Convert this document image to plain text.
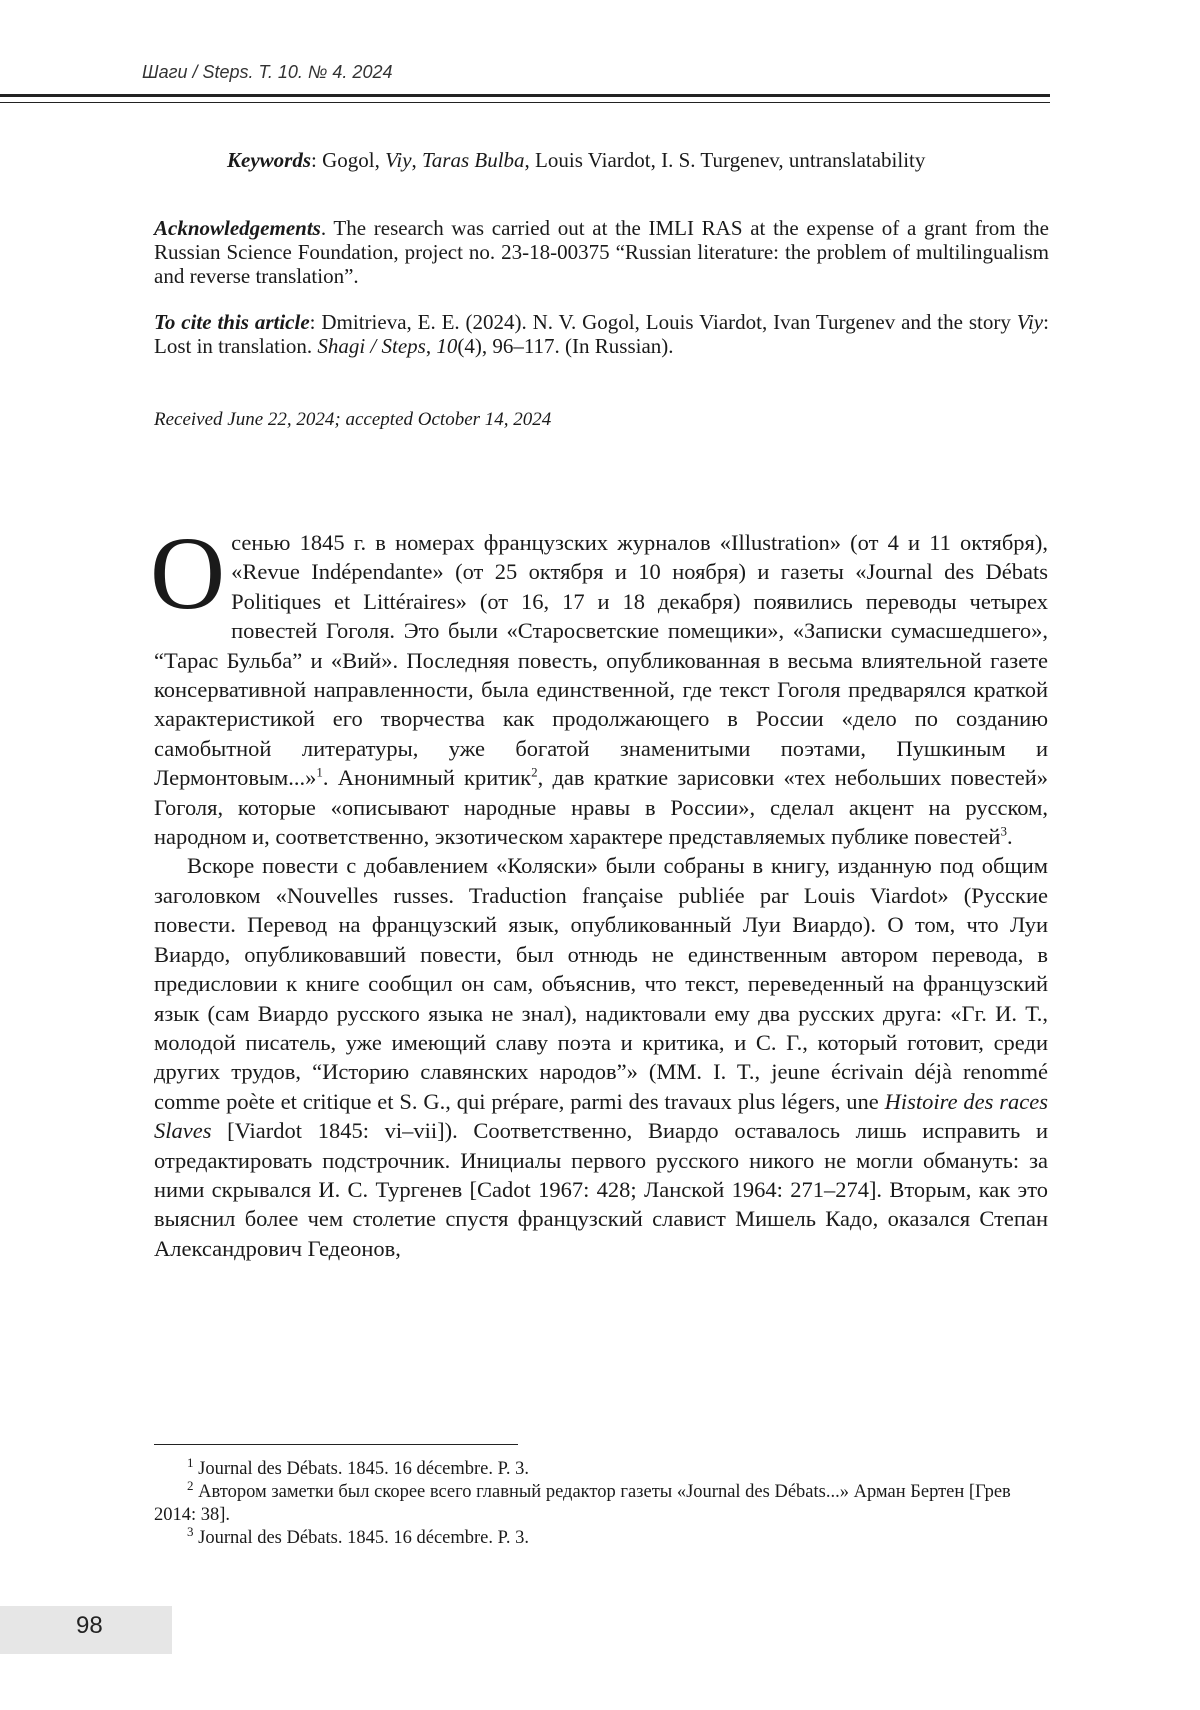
Шаги / Steps. Т. 10. № 4. 2024
Keywords: Gogol, Viy, Taras Bulba, Louis Viardot, I. S. Turgenev, untranslatability
Acknowledgements. The research was carried out at the IMLI RAS at the expense of a grant from the Russian Science Foundation, project no. 23-18-00375 “Russian literature: the problem of multilingualism and reverse translation”.
To cite this article: Dmitrieva, E. E. (2024). N. V. Gogol, Louis Viardot, Ivan Turgenev and the story Viy: Lost in translation. Shagi / Steps, 10(4), 96–117. (In Russian).
Received June 22, 2024; accepted October 14, 2024

О сенью 1845 г. в номерах французских журналов «Illustration» (от 4 и 11 октября), «Revue Indépendante» (от 25 октября и 10 ноября) и газеты «Journal des Débats Politiques et Littéraires» (от 16, 17 и 18 де­кабря) появились переводы четырех повестей Гоголя. Это были «Старо­светские помещики», «Записки сумасшедшего», “Тарас Бульба” и «Вий». Последняя повесть, опубликованная в весьма влиятельной газете консер­вативной направленности, была единственной, где текст Гоголя предва­рялся краткой характеристикой его творчества как продолжающего в Рос­сии «дело по созданию самобытной литературы, уже богатой знаменитыми поэтами, Пушкиным и Лермонтовым...»1. Анонимный критик2, дав крат­кие зарисовки «тех небольших повестей» Гоголя, которые «описывают на­родные нравы в России», сделал акцент на русском, народном и, соответ­ственно, экзотическом характере представляемых публике повестей3.

Вскоре повести с добавлением «Коляски» были собраны в книгу, из­данную под общим заголовком «Nouvelles russes. Traduction française publiée par Louis Viardot» (Русские повести. Перевод на французский язык, опу­бликованный Луи Виардо). О том, что Луи Виардо, опубликовавший по­вести, был отнюдь не единственным автором перевода, в предисловии к книге сообщил он сам, объяснив, что текст, переведенный на французский язык (сам Виардо русского языка не знал), надиктовали ему два русских друга: «Гг. И. Т., молодой писатель, уже имеющий славу поэта и критика, и С. Г., который готовит, среди других трудов, “Историю славянских на­родов”» (MM. I. T., jeune écrivain déjà renommé comme poète et critique et S. G., qui prépare, parmi des travaux plus légers, une Histoire des races Slaves [Vi­ardot 1845: vi–vii]). Соответственно, Виардо оставалось лишь исправить и отредактировать подстрочник. Инициалы первого русского никого не мог­ли обмануть: за ними скрывался И. С. Тургенев [Cadot 1967: 428; Ланской 1964: 271–274]. Вторым, как это выяснил более чем столетие спустя фран­цузский славист Мишель Кадо, оказался Степан Александрович Гедеонов,

1 Journal des Débats. 1845. 16 décembre. P. 3.

2 Автором заметки был скорее всего главный редактор газеты «Journal des Débats...» Арман Бертен [Грев 2014: 38].

3 Journal des Débats. 1845. 16 décembre. P. 3.

98
